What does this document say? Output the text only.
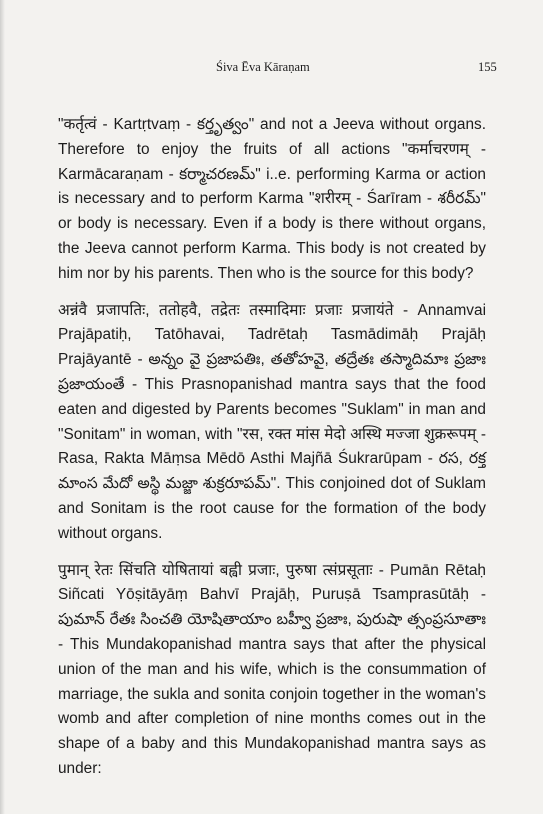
Śiva Ēva Kāraṇam	155

"कर्तृत्वं - Kartṛtvaṃ - కర్తృత్వం" and not a Jeeva without organs. Therefore to enjoy the fruits of all actions "कर्माचरणम् - Karmācaraṇam - కర్మాచరణమ్" i..e. performing Karma or action is necessary and to perform Karma "शरीरम् - Śarīram - శరీరమ్" or body is necessary. Even if a body is there without organs, the Jeeva cannot perform Karma. This body is not created by him nor by his parents. Then who is the source for this body?

अन्नंवै प्रजापतिः, ततोहवै, तद्रेतः तस्मादिमाः प्रजाः प्रजायंते - Annamvai Prajāpatiḥ, Tatōhavai, Tadrētaḥ Tasmādimāḥ Prajāḥ Prajāyantē - అన్నం వై ప్రజాపతిః, తతోహవై, తద్రేతః తస్మాదిమాః ప్రజాః ప్రజాయంతే - This Prasnopanishad mantra says that the food eaten and digested by Parents becomes "Suklam" in man and "Sonitam" in woman, with "रस, रक्त मांस मेदो अस्थि मज्जा शुक्ररूपम् - Rasa, Rakta Māṃsa Mēdō Asthi Majñā Śukrarūpam - రస, రక్త మాంస మేదో అస్థి మజ్జా శుక్రరూపమ్". This conjoined dot of Suklam and Sonitam is the root cause for the formation of the body without organs.

पुमान् रेतः सिंचति योषितायां बह्वी प्रजाः, पुरुषा त्संप्रसूताः - Pumān Rētaḥ Siñcati Yōṣitāyāṃ Bahvī Prajāḥ, Puruṣā Tsamprasūtāḥ - పుమాన్ రేతః సించతి యోషితాయాం బహ్వీ ప్రజాః, పురుషా త్సంప్రసూతాః - This Mundakopanishad mantra says that after the physical union of the man and his wife, which is the consummation of marriage, the sukla and sonita conjoin together in the woman's womb and after completion of nine months comes out in the shape of a baby and this Mundakopanishad mantra says as under:
